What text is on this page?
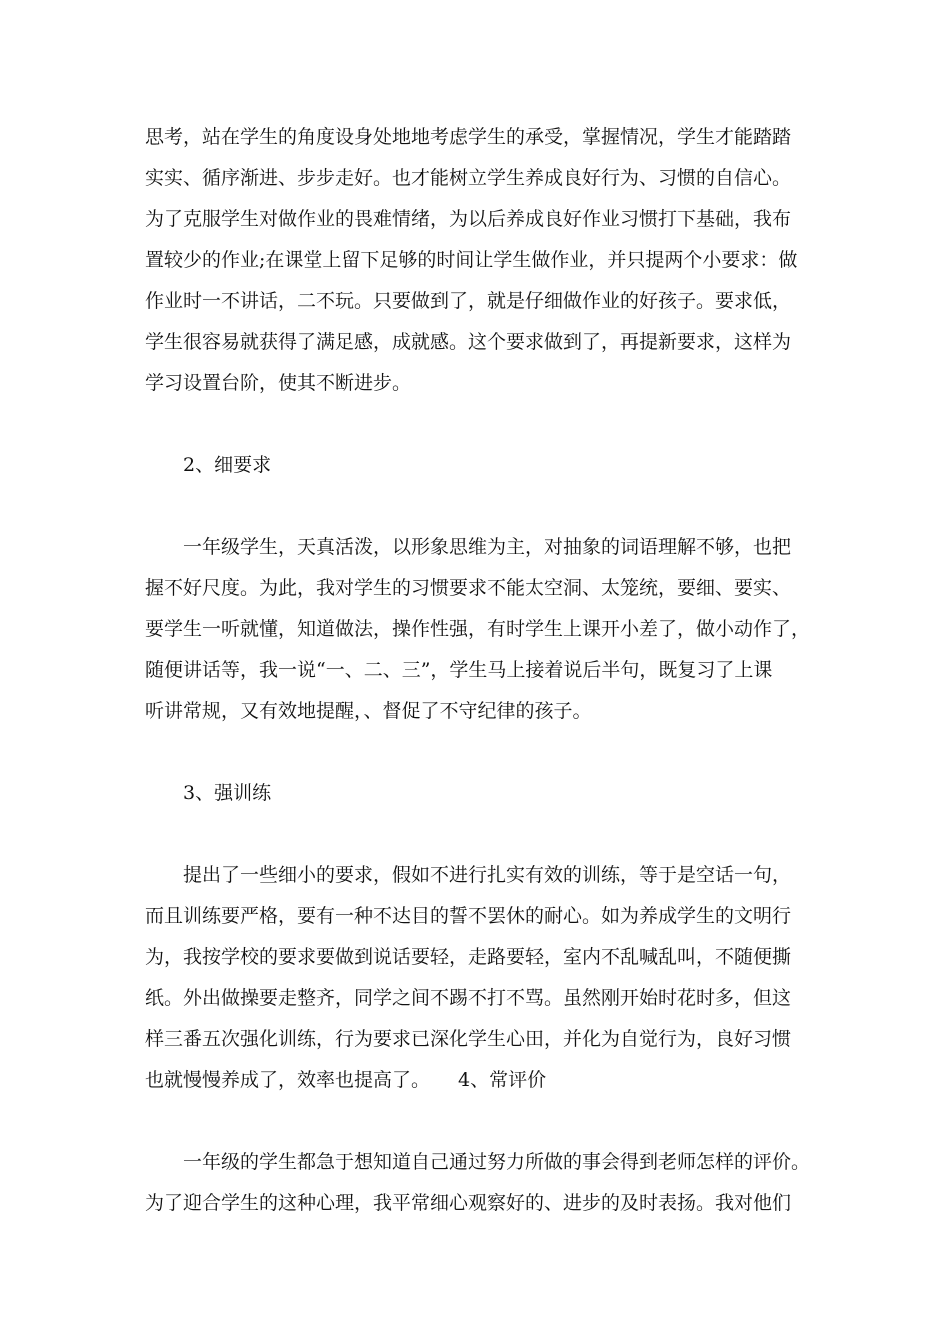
思考，站在学生的角度设身处地地考虑学生的承受，掌握情况，学生才能踏踏
实实、循序渐进、步步走好。也才能树立学生养成良好行为、习惯的自信心。
为了克服学生对做作业的畏难情绪，为以后养成良好作业习惯打下基础，我布
置较少的作业;在课堂上留下足够的时间让学生做作业，并只提两个小要求：做
作业时一不讲话，二不玩。只要做到了，就是仔细做作业的好孩子。要求低，
学生很容易就获得了满足感，成就感。这个要求做到了，再提新要求，这样为
学习设置台阶，使其不断进步。

2、细要求

一年级学生，天真活泼，以形象思维为主，对抽象的词语理解不够，也把
握不好尺度。为此，我对学生的习惯要求不能太空洞、太笼统，要细、要实、
要学生一听就懂，知道做法，操作性强，有时学生上课开小差了，做小动作了，
随便讲话等，我一说“一、二、三”，学生马上接着说后半句，既复习了上课
听讲常规，又有效地提醒，、督促了不守纪律的孩子。

3、强训练

提出了一些细小的要求，假如不进行扎实有效的训练，等于是空话一句，
而且训练要严格，要有一种不达目的誓不罢休的耐心。如为养成学生的文明行
为，我按学校的要求要做到说话要轻，走路要轻，室内不乱喊乱叫，不随便撕
纸。外出做操要走整齐，同学之间不踢不打不骂。虽然刚开始时花时多，但这
样三番五次强化训练，行为要求已深化学生心田，并化为自觉行为，良好习惯
也就慢慢养成了，效率也提高了。 4、常评价

一年级的学生都急于想知道自己通过努力所做的事会得到老师怎样的评价。
为了迎合学生的这种心理，我平常细心观察好的、进步的及时表扬。我对他们
